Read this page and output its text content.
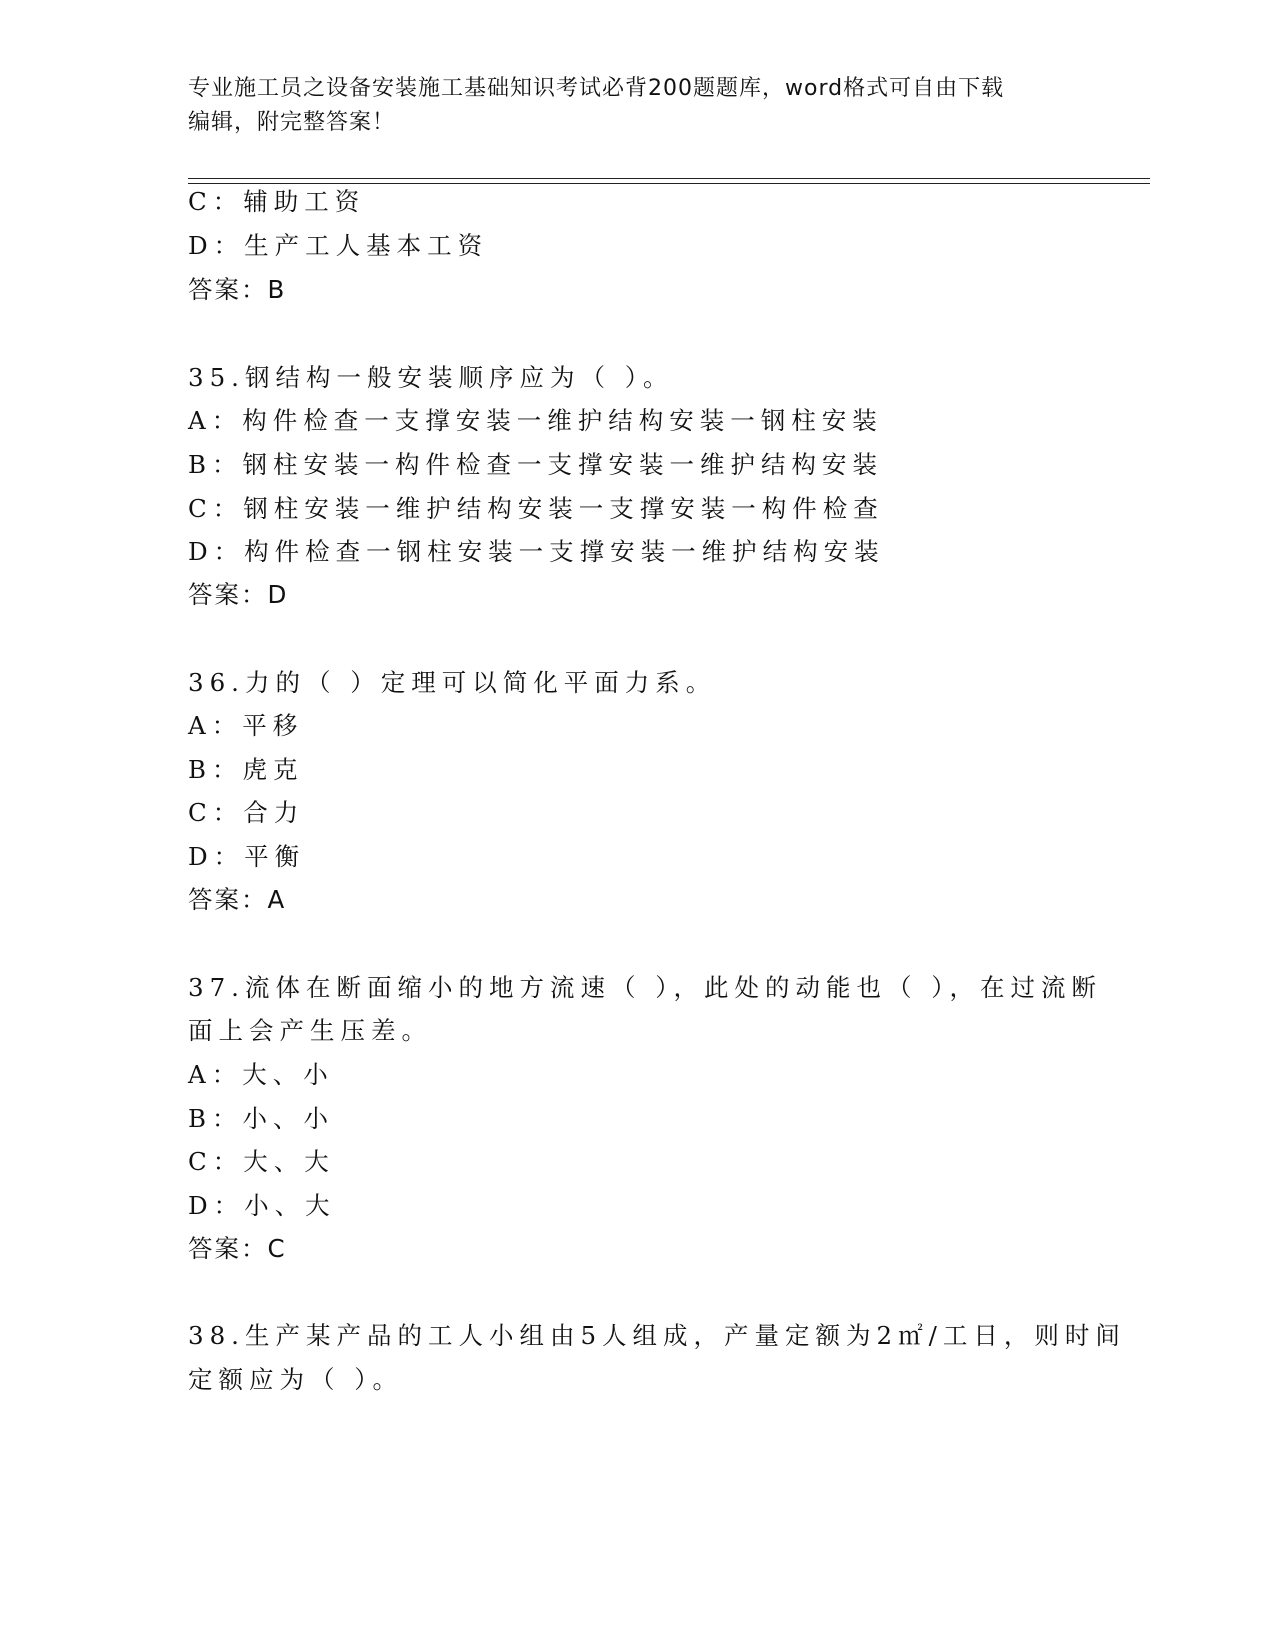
专业施工员之设备安装施工基础知识考试必背200题题库，word格式可自由下载
编辑，附完整答案！
C：辅助工资
D：生产工人基本工资
答案：B
35.钢结构一般安装顺序应为（ ）。
A：构件检查一支撑安装一维护结构安装一钢柱安装
B：钢柱安装一构件检查一支撑安装一维护结构安装
C：钢柱安装一维护结构安装一支撑安装一构件检查
D：构件检查一钢柱安装一支撑安装一维护结构安装
答案：D
36.力的（ ）定理可以简化平面力系。
A：平移
B：虎克
C：合力
D：平衡
答案：A
37.流体在断面缩小的地方流速（ ），此处的动能也（ ），在过流断
面上会产生压差。
A：大、小
B：小、小
C：大、大
D：小、大
答案：C
38.生产某产品的工人小组由5人组成，产量定额为2㎡/工日，则时间
定额应为（ ）。
